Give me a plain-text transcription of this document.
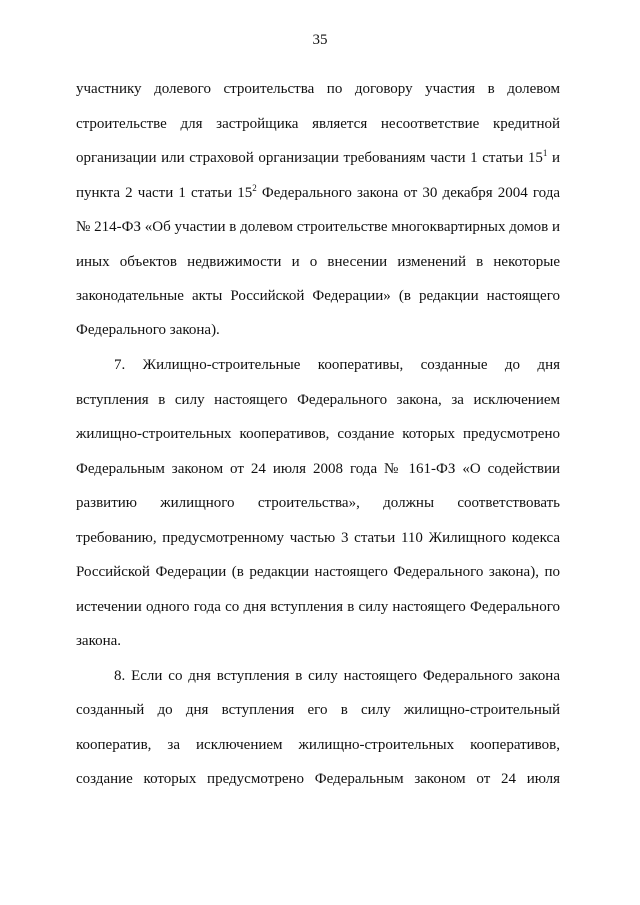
35
участнику долевого строительства по договору участия в долевом
строительстве для застройщика является несоответствие кредитной
организации или страховой организации требованиям части 1 статьи $15^1$ и
пункта 2 части 1 статьи $15^2$ Федерального закона от 30 декабря 2004 года
№ 214-ФЗ «Об участии в долевом строительстве многоквартирных домов и
иных объектов недвижимости и о внесении изменений в некоторые
законодательные акты Российской Федерации» (в редакции настоящего
Федерального закона).
7. Жилищно-строительные кооперативы, созданные до дня
вступления в силу настоящего Федерального закона, за исключением
жилищно-строительных кооперативов, создание которых предусмотрено
Федеральным законом от 24 июля 2008 года № 161-ФЗ «О содействии
развитию жилищного строительства», должны соответствовать
требованию, предусмотренному частью 3 статьи 110 Жилищного кодекса
Российской Федерации (в редакции настоящего Федерального закона), по
истечении одного года со дня вступления в силу настоящего Федерального
закона.
8. Если со дня вступления в силу настоящего Федерального закона
созданный до дня вступления его в силу жилищно-строительный
кооператив, за исключением жилищно-строительных кооперативов,
создание которых предусмотрено Федеральным законом от 24 июля
